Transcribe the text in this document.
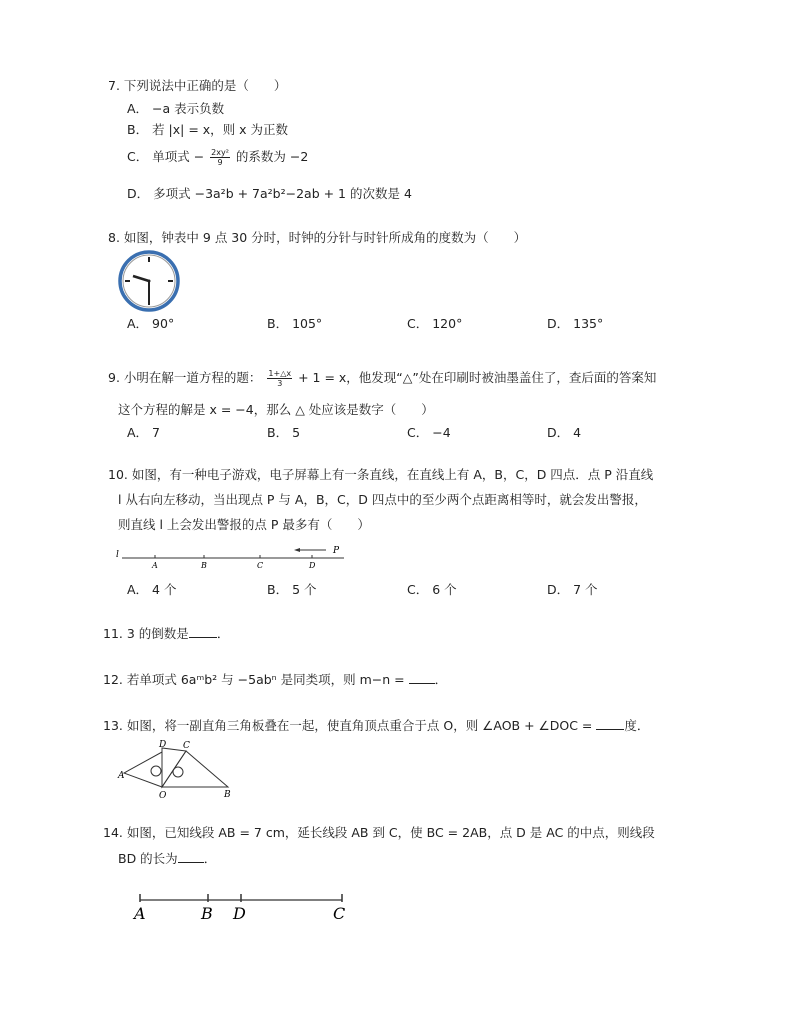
7. 下列说法中正确的是（　　）
A． −a 表示负数
B． 若 |x| = x，则 x 为正数
C． 单项式 − $\frac{\text{2xy²}}{9}$ 的系数为 −2
D． 多项式 −3a²b + 7a²b²−2ab + 1 的次数是 4
8. 如图，钟表中 9 点 30 分时，时钟的分针与时针所成角的度数为（　　）
A． 90°	B． 105°	C． 120°	D． 135°
9. 小明在解一道方程的题： $\frac{1+\triangle x}{3} + 1 = x$，他发现“△”处在印刷时被油墨盖住了，查后面的答案知
这个方程的解是 x = −4，那么 △ 处应该是数字（　　）
A． 7	B． 5	C． −4	D． 4
10. 如图，有一种电子游戏，电子屏幕上有一条直线，在直线上有 A，B，C，D 四点．点 P 沿直线
l 从右向左移动，当出现点 P 与 A，B，C，D 四点中的至少两个点距离相等时，就会发出警报，
则直线 l 上会发出警报的点 P 最多有（　　）
l
A	B	C	D
P
A． 4 个	B． 5 个	C． 6 个	D． 7 个
11. 3 的倒数是 ．
12. 若单项式 6aᵐb² 与 −5abⁿ 是同类项，则 m−n = ．
13. 如图，将一副直角三角板叠在一起，使直角顶点重合于点 O，则 ∠AOB + ∠DOC = 度．
A
B
C
D
O
14. 如图，已知线段 AB = 7 cm，延长线段 AB 到 C，使 BC = 2AB，点 D 是 AC 的中点，则线段
BD 的长为 ．
A	B D	C
